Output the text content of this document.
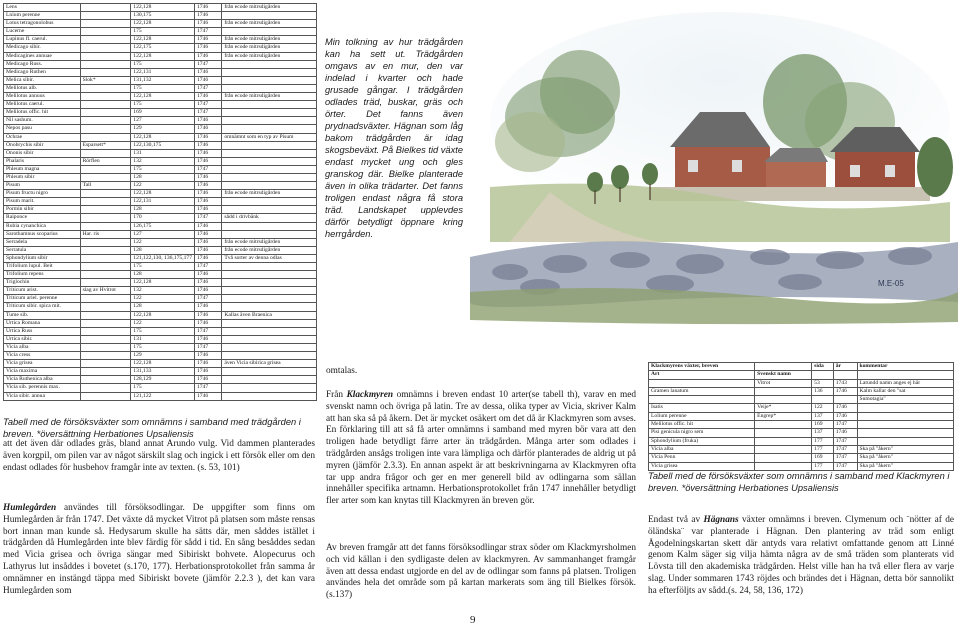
Lens		122,128	1746	från ecode mitrsdigården
Lnium perenne		130,175	1746	
Lotus tetragonolobus		122,128	1746	från ecode mitrsdigården
Lucerne		175	1747	
Lupinus fl. caerul.		122,128	1746	från ecode mitrsdigården
Medicago sibir.		122,175	1746	från ecode mitrsdigården
Medicagines annuae		122,128	1746	från ecode mitrsdigården
Medicago Russ.		175	1747	
Medicago Ruthen		122,131	1746	
Melica sibir.	Slok*	131,132	1746	
Melilotus alb.		175	1747	
Melilotus annuus		122,128	1746	från ecode mitrsdigården
Melilotus caerul.		175	1747	
Melilotus offic. hit		169	1747	
Nil sashum.		127	1746	
Nepos pasu		129	1746	
Ochrae		122,128	1746	omnämnt som en typ av Pisum
Onobrychis sibir	Esparsett*	122,130,175	1746	
Ononis sibir		131	1746	
Phalaris	Rörflen	132	1746	
Phleum magna		175	1747	
Phleum sibir		128	1746	
Pisum	Tall	122	1746	
Pisum fructu nigro		122,128	1746	från ecode mitrsdigården
Pisum marit.		122,131	1746	
Pormin sibir		128	1746	
Raiponce		170	1747	sådd i drivbänk
Rubia cynanchica		126,175	1746	
Sarothamnus scoparius	Har. ris	127	1746	
Serradela		122	1746	från ecode mitrsdigården
Serratula		128	1746	från ecode mitrsdigården
Sphondylium sibir		121,122,130, 136,175,177	1746	Två sorter av denna odlas
Trifolium lupul. Beit		175	1747	
Trifolium repens		128	1746	
Triglochin		122,128	1746	
Triticum arist.	slag av Hvitrot	132	1746	
Triticum ariel. perenne		122	1747	
Triticum sibir. spica mit.		128	1746	
Tume sib.		122,128	1746	Kallas även Braenica
Urtica Romana		122	1746	
Urtica Russ		175	1747	
Urtica sibir.		131	1746	
Vicia alba		175	1747	
Vicia cress		129	1746	
Vicia grisea		122,128	1746	även Vicia sibirica grisea
Vicia maxima		131,133	1746	
Vicia Ruthenica alba		128,129	1746	
Vicia sib. perennis max.		175	1747	
Vicia sibir. annua		121,122	1746	
Tabell med de försöksväxter som omnämns i samband med trädgården i breven. *översättning Herbationes Upsaliensis
att det även där odlades gräs, bland annat Arundo vulg. Vid dammen planterades även korgpil, om pilen var av något särskilt slag och ingick i ett försök eller om den endast odlades för husbehov framgår inte av texten. (s. 53, 101)
Humlegården användes till försöksodlingar. De uppgifter som finns om Humlegården är från 1747. Det växte då mycket Vitrot på platsen som måste rensas bort innan man kunde så. Hedysarum skulle ha sätts där, men såddes istället i trädgården då Humlegården inte blev färdig för sådd i tid. En sång besåddes sedan med Vicia grisea och övriga sängar med Sibiriskt bohvete. Alopecurus och Lathyrus lut insåddes i bovetet (s.170, 177). Herbationsprotokollet från samma år omnämner en instängd täppa med Sibiriskt bovete (jämför 2.2.3 ), det kan vara Humlegården som
Min tolkning av hur trädgården kan ha sett ut. Trädgården omgavs av en mur, den var indelad i kvarter och hade grusade gångar. I trädgården odlades träd, buskar, gräs och örter. Det fanns även prydnadsväxter. Hägnan som låg bakom trädgården är idag skogsbeväxt. På Bielkes tid växte endast mycket ung och gles granskog där. Bielke planterade även in olika trädarter. Det fanns troligen endast några få stora träd. Landskapet upplevdes därför betydligt öppnare kring herrgården.
M.E-05
omtalas.
Från Klackmyren omnämns i breven endast 10 arter(se tabell th), varav en med svenskt namn och övriga på latin. Tre av dessa, olika typer av Vicia, skriver Kalm att han ska så på åkern. Det är mycket osäkert om det då är Klackmyren som avses. En förklaring till att så få arter omnämns i samband med myren bör vara att den troligen hade betydligt färre arter än trädgården. Många arter som odlades i trädgården ansågs troligen inte vara lämpliga och därför planterades de aldrig ut på myren (jämför 2.3.3). En annan aspekt är att beskrivningarna av Klackmyren ofta tar upp andra frågor och ger en mer generell bild av odlingarna som sällan innehåller specifika artnamn. Herbationsprotokollet från 1747 innehåller betydligt fler arter som kan knytas till Klackmyren än breven gör.
Av breven framgår att det fanns försöksodlingar strax söder om Klackmyrsholmen och vid källan i den sydligaste delen av klackmyren. Av sammanhanget framgår även att dessa endast utgjorde en del av de odlingar som fanns på platsen. Troligen användes hela det område som på kartan markerats som äng till Bielkes försök. (s.137)
Klackmyrens växter, breven		sida	år	kommentar
Art	Svenskt namn			
	Vitrot	53	1743	Latundd namn anges ej här
Gramen lanatum		136	1746	Kalm kallar den "sat
				Sumotagia"
Isatis	Veije*	122	1746	
Lolium perenne	Engrep*	137	1746	
Melilotus offic. hit		169	1747	
Pisi genicula nigro sem		137	1746	
Sphondylium (fruka)		177	1747	
Vicia alba		177	1747	Ska på "åkern"
Vicia Penn		169	1747	Ska på "åkern"
Vicia grisea		177	1747	Ska på "åkern"
Tabell med de försöksväxter som omnämns i samband med Klackmyren i breven. *översättning Herbationes Upsaliensis
Endast två av Hägnans växter omnämns i breven. Clymenum och ¨nötter af de öländska¨ var planterade i Hägnan. Den plantering av träd som enligt Ågodelningskartan skett där antyds vara relativt omfattande genom att Linné genom Kalm säger sig vilja hämta några av de små träden som planterats vid Lövsta till den akademiska trädgården. Helst ville han ha två eller flera av varje slag. Under sommaren 1743 röjdes och brändes det i Hägnan, detta bör sannolikt ha efterföljts av sådd.(s. 24, 58, 136, 172)
9
